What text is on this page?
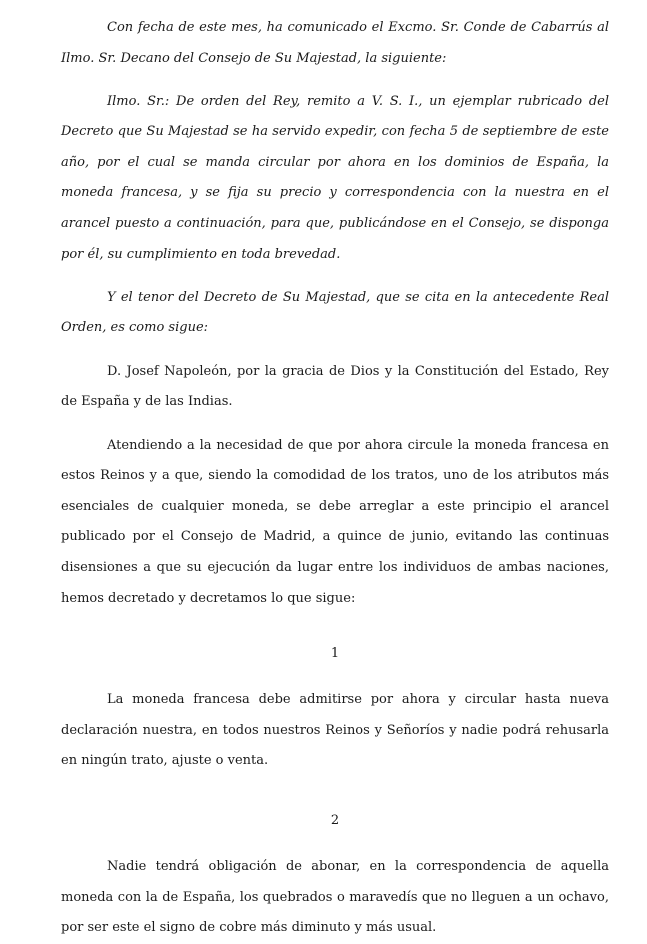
Con fecha de este mes, ha comunicado el Excmo. Sr. Conde de Cabarrús al Ilmo. Sr. Decano del Consejo de Su Majestad, la siguiente:

Ilmo. Sr.: De orden del Rey, remito a V. S. I., un ejemplar rubricado del Decreto que Su Majestad se ha servido expedir, con fecha 5 de septiembre de este año, por el cual se manda circular por ahora en los dominios de España, la moneda francesa, y se fija su precio y correspondencia con la nuestra en el arancel puesto a continuación, para que, publicándose en el Consejo, se disponga por él, su cumplimiento en toda brevedad.

Y el tenor del Decreto de Su Majestad, que se cita en la antecedente Real Orden, es como sigue:

D. Josef Napoleón, por la gracia de Dios y la Constitución del Estado, Rey de España y de las Indias.

Atendiendo a la necesidad de que por ahora circule la moneda francesa en estos Reinos y a que, siendo la comodidad de los tratos, uno de los atributos más esenciales de cualquier moneda, se debe arreglar a este principio el arancel publicado por el Consejo de Madrid, a quince de junio, evitando las continuas disensiones a que su ejecución da lugar entre los individuos de ambas naciones, hemos decretado y decretamos lo que sigue:

1

La moneda francesa debe admitirse por ahora y circular hasta nueva declaración nuestra, en todos nuestros Reinos y Señoríos y nadie podrá rehusarla en ningún trato, ajuste o venta.

2

Nadie tendrá obligación de abonar, en la correspondencia de aquella moneda con la de España, los quebrados o maravedís que no lleguen a un ochavo, por ser este el signo de cobre más diminuto y más usual.
